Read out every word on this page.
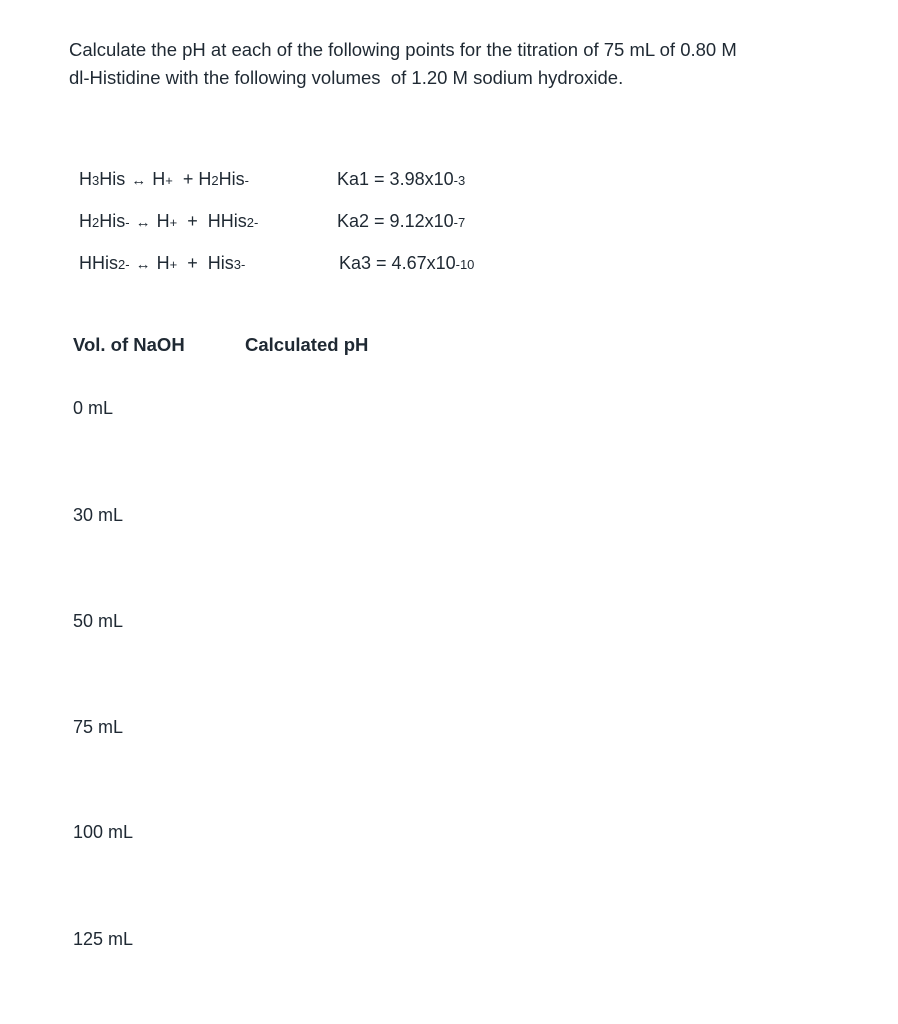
Calculate the pH at each of the following points for the titration of 75 mL of 0.80 M
dl-Histidine with the following volumes  of 1.20 M sodium hydroxide.

H3His ↔ H+ + H2His-	Ka1 = 3.98x10-3

H2His- ↔ H+ + HHis2-	Ka2 = 9.12x10-7

HHis2- ↔ H+ + His3-	Ka3 = 4.67x10-10

Vol. of NaOH	Calculated pH
0 mL
30 mL
50 mL
75 mL
100 mL
125 mL
